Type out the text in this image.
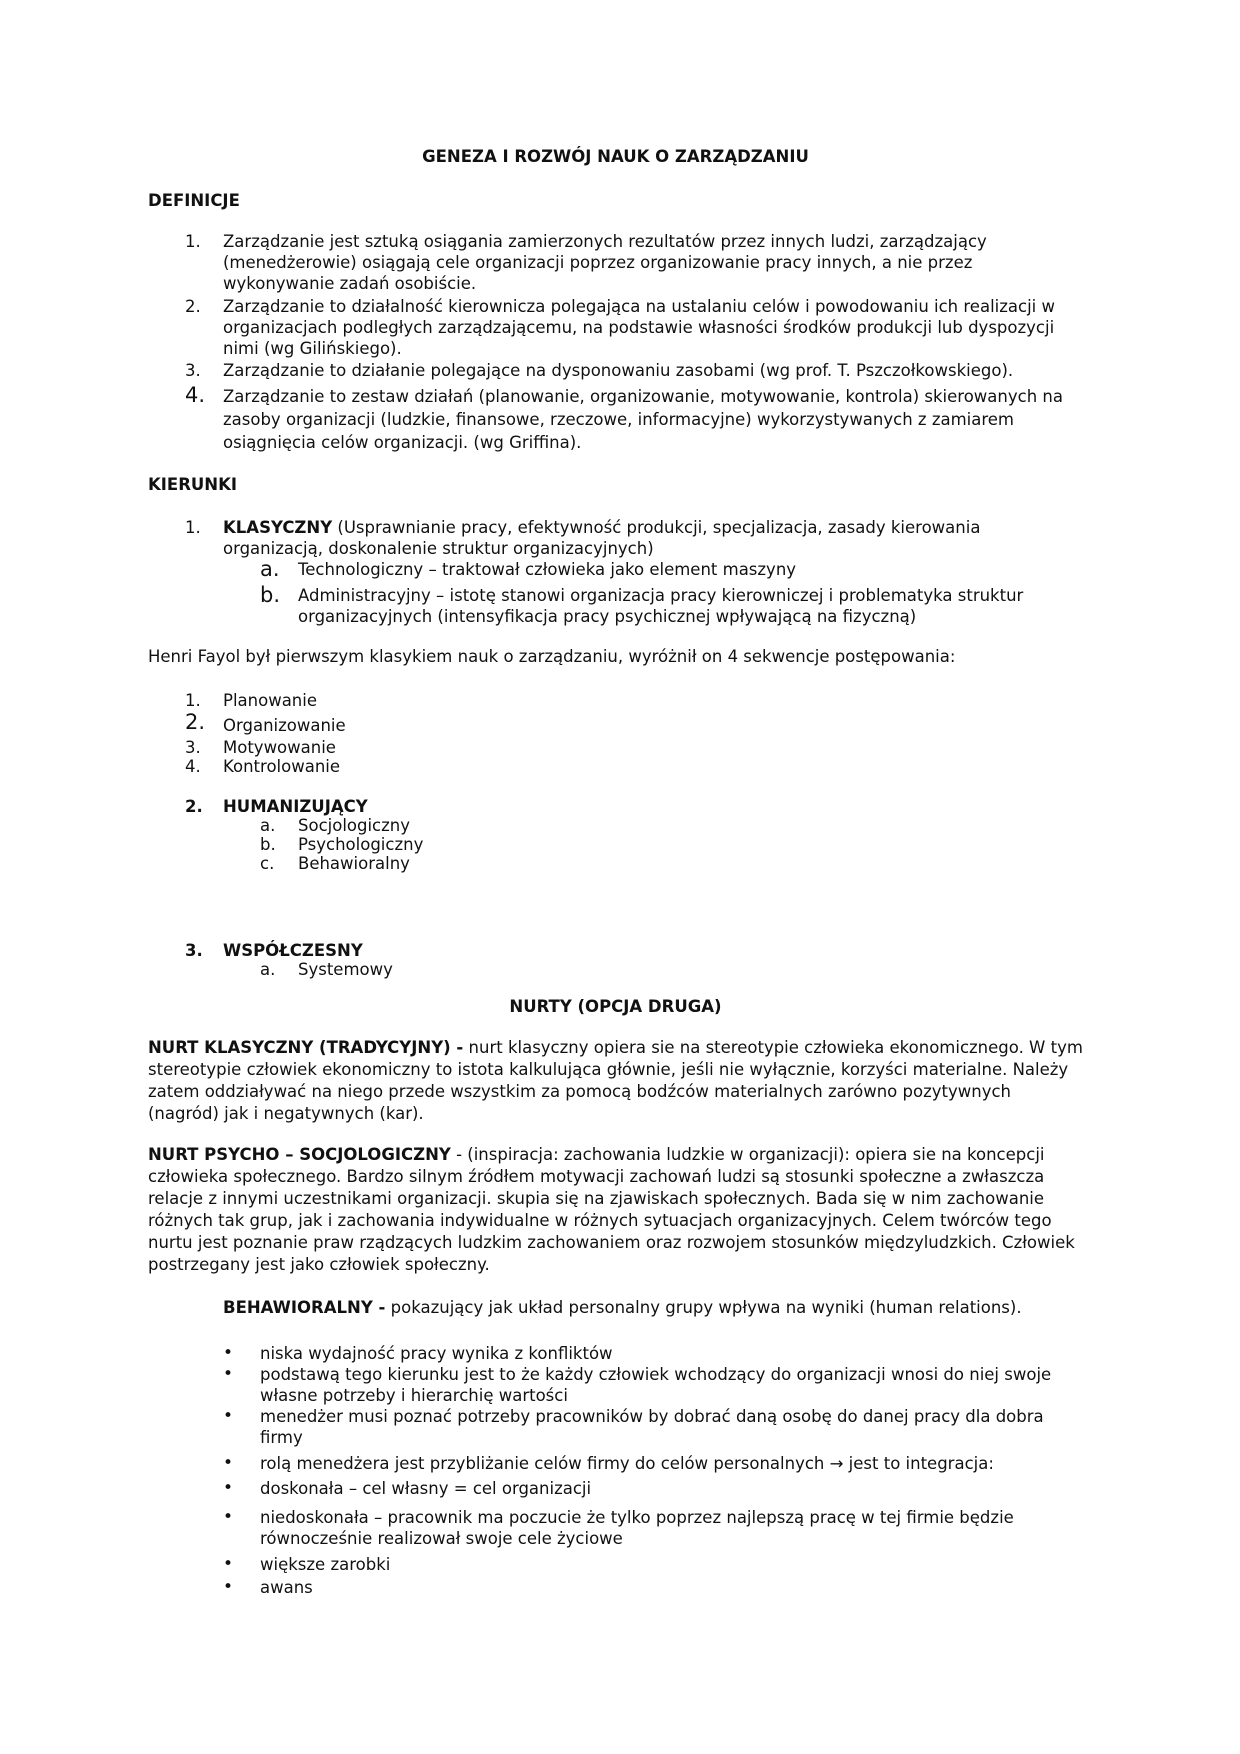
GENEZA I ROZWÓJ NAUK O ZARZĄDZANIU
DEFINICJE
1. Zarządzanie jest sztuką osiągania zamierzonych rezultatów przez innych ludzi, zarządzający (menedżerowie) osiągają cele organizacji poprzez organizowanie pracy innych, a nie przez wykonywanie zadań osobiście.
2. Zarządzanie to działalność kierownicza polegająca na ustalaniu celów i powodowaniu ich realizacji w organizacjach podległych zarządzającemu, na podstawie własności środków produkcji lub dyspozycji nimi (wg Gilińskiego).
3. Zarządzanie to działanie polegające na dysponowaniu zasobami (wg prof. T. Pszczołkowskiego).
4. Zarządzanie to zestaw działań (planowanie, organizowanie, motywowanie, kontrola) skierowanych na zasoby organizacji (ludzkie, finansowe, rzeczowe, informacyjne) wykorzystywanych z zamiarem osiągnięcia celów organizacji. (wg Griffina).
KIERUNKI
1. KLASYCZNY (Usprawnianie pracy, efektywność produkcji, specjalizacja, zasady kierowania organizacją, doskonalenie struktur organizacyjnych)
a. Technologiczny – traktował człowieka jako element maszyny
b. Administracyjny – istotę stanowi organizacja pracy kierowniczej i problematyka struktur organizacyjnych (intensyfikacja pracy psychicznej wpływającą na fizyczną)
Henri Fayol był pierwszym klasykiem nauk o zarządzaniu, wyróżnił on 4 sekwencje postępowania:
1. Planowanie
2. Organizowanie
3. Motywowanie
4. Kontrolowanie
2. HUMANIZUJĄCY
a. Socjologiczny
b. Psychologiczny
c. Behawioralny
3. WSPÓŁCZESNY
a. Systemowy
NURTY (OPCJA DRUGA)

NURT KLASYCZNY (TRADYCYJNY) - nurt klasyczny opiera sie na stereotypie człowieka ekonomicznego. W tym stereotypie człowiek ekonomiczny to istota kalkulująca głównie, jeśli nie wyłącznie, korzyści materialne. Należy zatem oddziaływać na niego przede wszystkim za pomocą bodźców materialnych zarówno pozytywnych (nagród) jak i negatywnych (kar).

NURT PSYCHO – SOCJOLOGICZNY - (inspiracja: zachowania ludzkie w organizacji): opiera sie na koncepcji człowieka społecznego. Bardzo silnym źródłem motywacji zachowań ludzi są stosunki społeczne a zwłaszcza relacje z innymi uczestnikami organizacji. skupia się na zjawiskach społecznych. Bada się w nim zachowanie różnych tak grup, jak i zachowania indywidualne w różnych sytuacjach organizacyjnych. Celem twórców tego nurtu jest poznanie praw rządzących ludzkim zachowaniem oraz rozwojem stosunków międzyludzkich. Człowiek postrzegany jest jako człowiek społeczny.

BEHAWIORALNY - pokazujący jak układ personalny grupy wpływa na wyniki (human relations).

• niska wydajność pracy wynika z konfliktów
• podstawą tego kierunku jest to że każdy człowiek wchodzący do organizacji wnosi do niej swoje własne potrzeby i hierarchię wartości
• menedżer musi poznać potrzeby pracowników by dobrać daną osobę do danej pracy dla dobra firmy
• rolą menedżera jest przybliżanie celów firmy do celów personalnych → jest to integracja:
• doskonała – cel własny = cel organizacji
• niedoskonała – pracownik ma poczucie że tylko poprzez najlepszą pracę w tej firmie będzie równocześnie realizował swoje cele życiowe
• większe zarobki
• awans
